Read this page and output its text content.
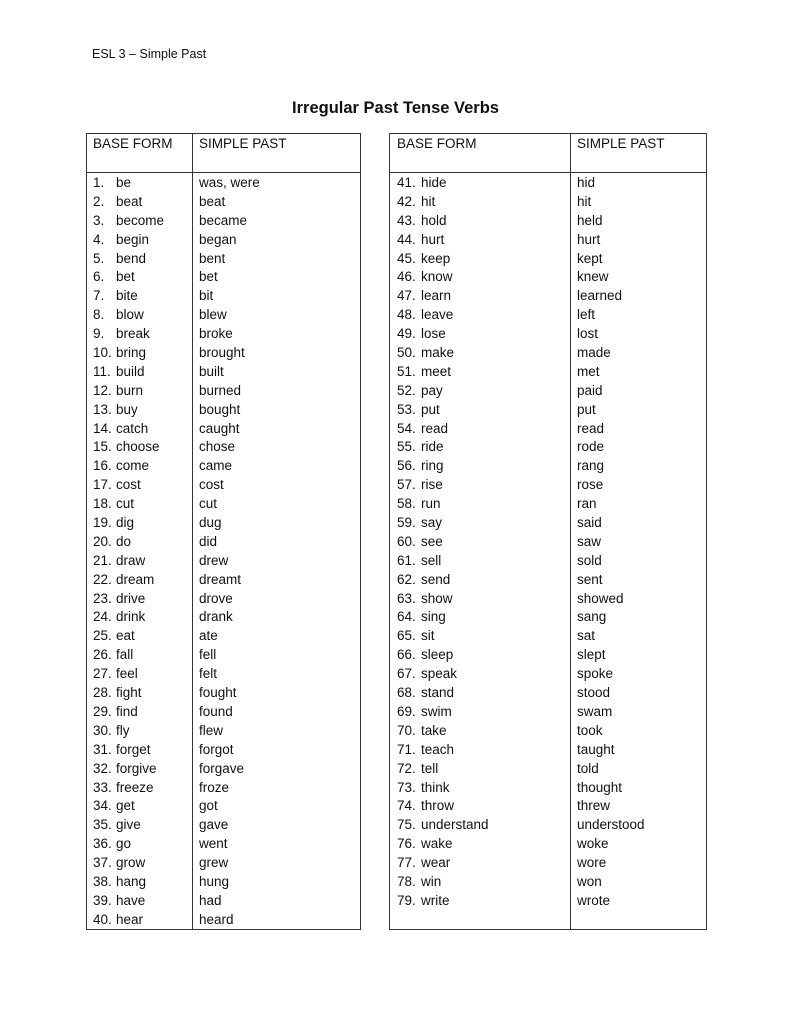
ESL 3 – Simple Past
Irregular Past Tense Verbs
BASE FORM SIMPLE PAST
1. be	was, were
2. beat	beat
3. become	became
4. begin	began
5. bend	bent
6. bet	bet
7. bite	bit
8. blow	blew
9. break	broke
10. bring	brought
11. build	built
12. burn	burned
13. buy	bought
14. catch	caught
15. choose	chose
16. come	came
17. cost	cost
18. cut	cut
19. dig	dug
20. do	did
21. draw	drew
22. dream	dreamt
23. drive	drove
24. drink	drank
25. eat	ate
26. fall	fell
27. feel	felt
28. fight	fought
29. find	found
30. fly	flew
31. forget	forgot
32. forgive	forgave
33. freeze	froze
34. get	got
35. give	gave
36. go	went
37. grow	grew
38. hang	hung
39. have	had
40. hear	heard
BASE FORM	SIMPLE PAST
41. hide	hid
42. hit	hit
43. hold	held
44. hurt	hurt
45. keep	kept
46. know	knew
47. learn	learned
48. leave	left
49. lose	lost
50. make	made
51. meet	met
52. pay	paid
53. put	put
54. read	read
55. ride	rode
56. ring	rang
57. rise	rose
58. run	ran
59. say	said
60. see	saw
61. sell	sold
62. send	sent
63. show	showed
64. sing	sang
65. sit	sat
66. sleep	slept
67. speak	spoke
68. stand	stood
69. swim	swam
70. take	took
71. teach	taught
72. tell	told
73. think	thought
74. throw	threw
75. understand	understood
76. wake	woke
77. wear	wore
78. win	won
79. write	wrote
